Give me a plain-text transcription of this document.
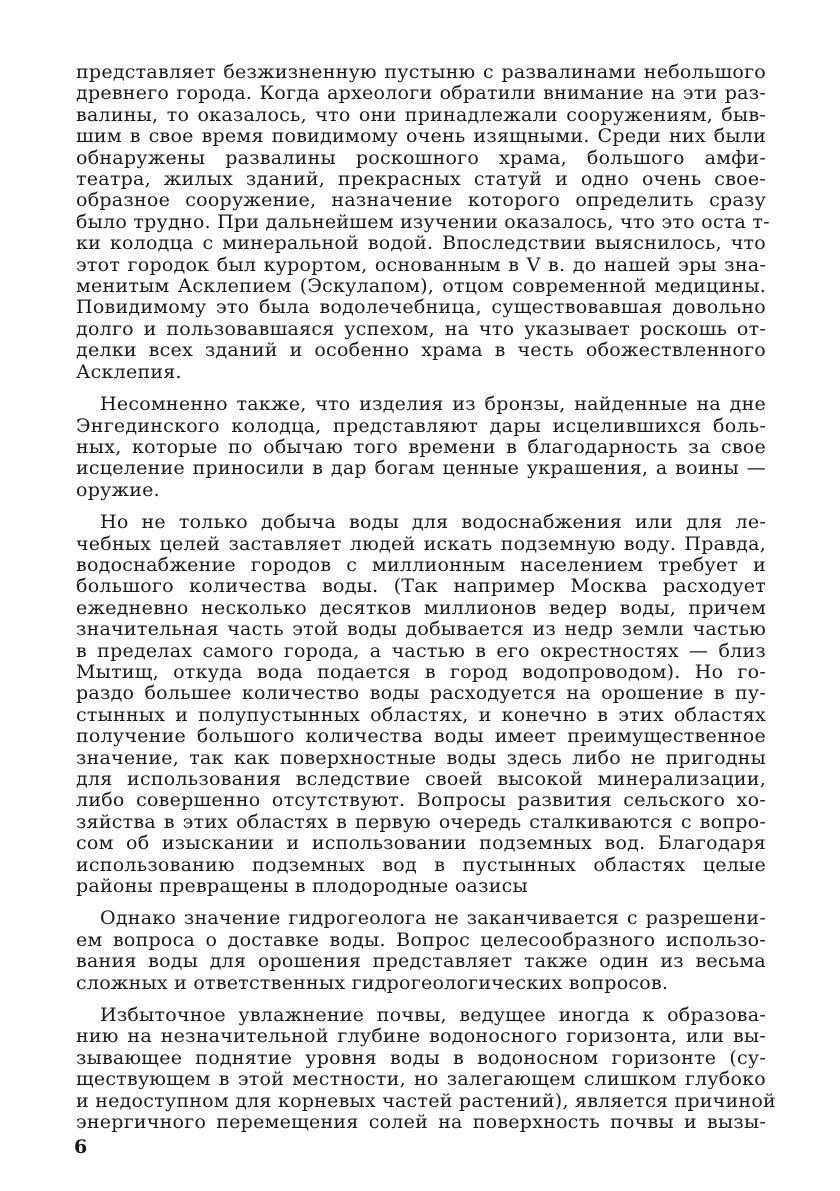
представляет безжизненную пустыню с развалинами небольшого
древнего города. Когда археологи обратили внимание на эти раз-
валины, то оказалось, что они принадлежали сооружениям, быв-
шим в свое время повидимому очень изящными. Среди них были
обнаружены развалины роскошного храма, большого амфи-
театра, жилых зданий, прекрасных статуй и одно очень свое-
образное сооружение, назначение которого определить сразу
было трудно. При дальнейшем изучении оказалось, что это оста т-
ки колодца с минеральной водой. Впоследствии выяснилось, что
этот городок был курортом, основанным в V в. до нашей эры зна-
менитым Асклепием (Эскулапом), отцом современной медицины.
Повидимому это была водолечебница, существовавшая довольно
долго и пользовавшаяся успехом, на что указывает роскошь от-
делки всех зданий и особенно храма в честь обожествленного
Асклепия.
Несомненно также, что изделия из бронзы, найденные на дне
Энгединского колодца, представляют дары исцелившихся боль-
ных, которые по обычаю того времени в благодарность за свое
исцеление приносили в дар богам ценные украшения, а воины —
оружие.
Но не только добыча воды для водоснабжения или для ле-
чебных целей заставляет людей искать подземную воду. Правда,
водоснабжение городов с миллионным населением требует и
большого количества воды. (Так например Москва расходует
ежедневно несколько десятков миллионов ведер воды, причем
значительная часть этой воды добывается из недр земли частью
в пределах самого города, а частью в его окрестностях — близ
Мытищ, откуда вода подается в город водопроводом). Но го-
раздо большее количество воды расходуется на орошение в пу-
стынных и полупустынных областях, и конечно в этих областях
получение большого количества воды имеет преимущественное
значение, так как поверхностные воды здесь либо не пригодны
для использования вследствие своей высокой минерализации,
либо совершенно отсутствуют. Вопросы развития сельского хо-
зяйства в этих областях в первую очередь сталкиваются с вопро-
сом об изыскании и использовании подземных вод. Благодаря
использованию подземных вод в пустынных областях целые
районы превращены в плодородные оазисы
Однако значение гидрогеолога не заканчивается с разрешени-
ем вопроса о доставке воды. Вопрос целесообразного использо-
вания воды для орошения представляет также один из весьма
сложных и ответственных гидрогеологических вопросов.
Избыточное увлажнение почвы, ведущее иногда к образова-
нию на незначительной глубине водоносного горизонта, или вы-
зывающее поднятие уровня воды в водоносном горизонте (су-
ществующем в этой местности, но залегающем слишком глубоко
и недоступном для корневых частей растений), является причиной
энергичного перемещения солей на поверхность почвы и вызы-
6
